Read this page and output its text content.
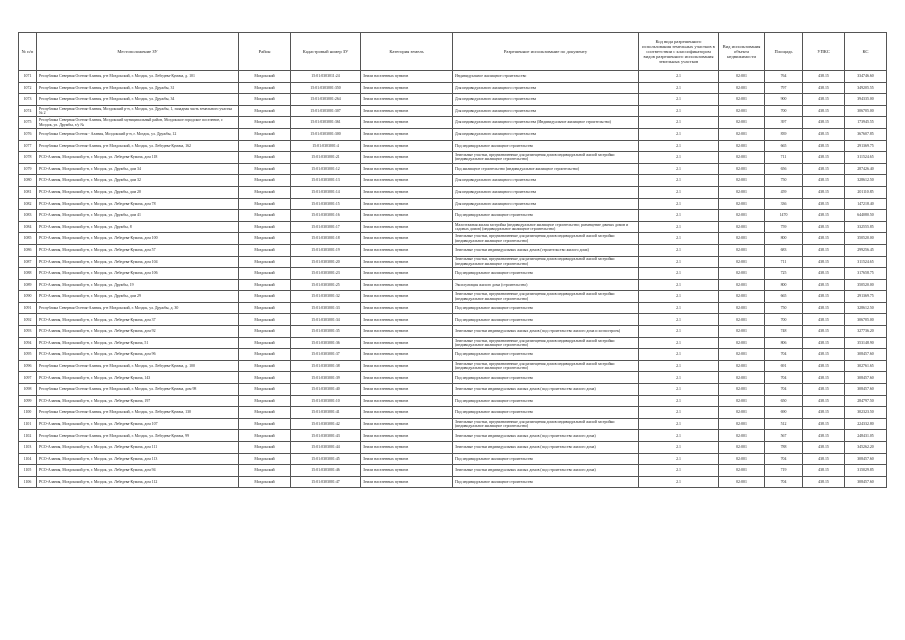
№ п/п	Местоположение ЗУ	Район	Кадастровый номер ЗУ	Категория земель	Разрешенное использование по документу	Код вида разрешенного использования земельных участков в соответствии с классификатором видов разрешенного использования земельных участков	Вид использования объекта недвижимости	Площадь	УПКС	КС
1071	Республика Северная Осетия-Алания, р-н Моздокский, г. Моздок, ул. Лебедева-Кумача, д. 101	Моздокский	15:01:0303011:24	Земли населенных пунктов	Индивидуальное жилищное строительство	2.1	02:001	764	438.15	334746.60
1072	Республика Северная Осетия-Алания, р-н Моздокский, г. Моздок, ул. Дружбы, 31	Моздокский	15:01:0303001:350	Земли населенных пунктов	Для индивидуального жилищного строительства	2.1	02:001	797	438.15	349205.55
1073	Республика Северная Осетия-Алания, р-н Моздокский, г. Моздок, ул. Дружбы, 34	Моздокский	15:01:0303001:264	Земли населенных пунктов	Для индивидуального жилищного строительства	2.1	02:001	900	438.15	394335.00
1074	Республика Северная Осетия-Алания, Моздокский р-н, г. Моздок, ул. Дружбы, 1, западная часть земельного участка № 2	Моздокский	15:01:0303001:307	Земли населенных пунктов	Для индивидуального жилищного строительства	2.1	02:001	700	438.15	306705.00
1075	Республика Северная Осетия-Алания, Моздокский муниципальный район, Моздокское городское поселение, г. Моздок, ул. Дружбы, з/у №	Моздокский	15:01:0303001:361	Земли населенных пунктов	Для индивидуального жилищного строительства (Индивидуальное жилищное строительство)	2.1	02:001	397	438.15	173945.55
1076	Республика Северная Осетия - Алания, Моздокский р-н, г. Моздок, ул. Дружбы, 12	Моздокский	15:01:0303001:300	Земли населенных пунктов	Для индивидуального жилищного строительства	2.1	02:001	839	438.15	367607.85
1077	Республика Северная Осетия-Алания, р-н Моздокский, г. Моздок, ул. Лебедева-Кумача, 162	Моздокский	15:01:0303001:4	Земли населенных пунктов	Под индивидуальное жилищное строительство	2.1	02:001	665	438.15	291369.75
1078	РСО-Алания, Моздокский р-н, г. Моздок, ул. Лебедева-Кумача, дом 118	Моздокский	15:01:0303001:21	Земли населенных пунктов	Земельные участки, предназначенные для размещения домов индивидуальной жилой застройки (индивидуальное жилищное строительство)	2.1	02:001	711	438.15	311524.65
1079	РСО-Алания, Моздокский р-н, г. Моздок, ул. Дружбы, дом 34	Моздокский	15:01:0303001:12	Земли населенных пунктов	Под жилищное строительство (индивидуальное жилищное строительство)	2.1	02:001	656	438.15	287426.40
1080	РСО-Алания, Моздокский р-н, г. Моздок, ул. Дружбы, дом 32	Моздокский	15:01:0303001:13	Земли населенных пунктов	Для индивидуального жилищного строительства	2.1	02:001	750	438.15	328612.50
1081	РСО-Алания, Моздокский р-н, г. Моздок, ул. Дружбы, дом 20	Моздокский	15:01:0303001:14	Земли населенных пунктов	Для индивидуального жилищного строительства	2.1	02:001	459	438.15	201110.85
1082	РСО-Алания, Моздокский р-н, г. Моздок, ул. Лебедева-Кумача, дом 78	Моздокский	15:01:0303001:15	Земли населенных пунктов	Для индивидуального жилищного строительства	2.1	02:001	336	438.15	147218.40
1083	РСО-Алания, Моздокский р-н, г. Моздок, ул. Дружбы, дом 41	Моздокский	15:01:0303001:16	Земли населенных пунктов	Под индивидуальное жилищное строительство	2.1	02:001	1470	438.15	644080.50
1084	РСО-Алания, Моздокский р-н, г. Моздок, ул. Дружбы, 8	Моздокский	15:01:0303001:17	Земли населенных пунктов	Малоэтажная жилая застройка (индивидуальное жилищное строительство; размещение дачных домов и садовых домов) (индивидуальное жилищное строительство)	2.1	02:001	759	438.15	332555.85
1085	РСО-Алания, Моздокский р-н, г. Моздок, ул. Лебедева-Кумача, дом 100	Моздокский	15:01:0303001:18	Земли населенных пунктов	Земельные участки, предназначенные для размещения домов индивидуальной жилой застройки (индивидуальное жилищное строительство)	2.1	02:001	800	438.15	350520.00
1086	РСО-Алания, Моздокский р-н, г. Моздок, ул. Лебедева-Кумача, дом 57	Моздокский	15:01:0303001:19	Земли населенных пунктов	Земельные участки индивидуальных жилых домов (строительство жилого дома)	2.1	02:001	683	438.15	299256.45
1087	РСО-Алания, Моздокский р-н, г. Моздок, ул. Лебедева-Кумача, дом 104	Моздокский	15:01:0303001:20	Земли населенных пунктов	Земельные участки, предназначенные для размещения домов индивидуальной жилой застройки (индивидуальное жилищное строительство)	2.1	02:001	711	438.15	311524.65
1088	РСО-Алания, Моздокский р-н, г. Моздок, ул. Лебедева-Кумача, дом 106	Моздокский	15:01:0303001:23	Земли населенных пунктов	Под индивидуальное жилищное строительство	2.1	02:001	725	438.15	317658.75
1089	РСО-Алания, Моздокский р-н, г. Моздок, ул. Дружбы, 19	Моздокский	15:01:0303001:25	Земли населенных пунктов	Эксплуатация жилого дома (строительство)	2.1	02:001	800	438.15	350520.00
1090	РСО-Алания, Моздокский р-н, г. Моздок, ул. Дружбы, дом 29	Моздокский	15:01:0303001:32	Земли населенных пунктов	Земельные участки, предназначенные для размещения домов индивидуальной жилой застройки (индивидуальное жилищное строительство)	2.1	02:001	665	438.15	291369.75
1091	Республика Северная Осетия-Алания, р-н Моздокский, г. Моздок, ул. Дружбы, д. 30	Моздокский	15:01:0303001:33	Земли населенных пунктов	Под индивидуальное жилищное строительство	2.1	02:001	750	438.15	328612.50
1092	РСО-Алания, Моздокский р-н, г. Моздок, ул. Лебедева-Кумача, дом 37	Моздокский	15:01:0303001:34	Земли населенных пунктов	Под индивидуальное жилищное строительство	2.1	02:001	700	438.15	306705.00
1093	РСО-Алания, Моздокский р-н, г. Моздок, ул. Лебедева-Кумача, дом 92	Моздокский	15:01:0303001:35	Земли населенных пунктов	Земельные участки индивидуальных жилых домов (под строительство жилого дома и хозпостроек)	2.1	02:001	748	438.15	327736.20
1094	РСО-Алания, Моздокский р-н, г. Моздок, ул. Лебедева-Кумача, 51	Моздокский	15:01:0303001:36	Земли населенных пунктов	Земельные участки, предназначенные для размещения домов индивидуальной жилой застройки (индивидуальное жилищное строительство)	2.1	02:001	806	438.15	353148.90
1095	РСО-Алания, Моздокский р-н, г. Моздок, ул. Лебедева-Кумача, дом 96	Моздокский	15:01:0303001:37	Земли населенных пунктов	Под индивидуальное жилищное строительство	2.1	02:001	704	438.15	308457.60
1096	Республика Северная Осетия-Алания, р-н Моздокский, г. Моздок, ул. Лебедева-Кумача, д. 100	Моздокский	15:01:0303001:38	Земли населенных пунктов	Земельные участки, предназначенные для размещения домов индивидуальной жилой застройки (индивидуальное жилищное строительство)	2.1	02:001	691	438.15	302761.65
1097	РСО-Алания, Моздокский р-н, г. Моздок, ул. Лебедева-Кумача, 143	Моздокский	15:01:0303001:39	Земли населенных пунктов	Под индивидуальное жилищное строительство	2.1	02:001	704	438.15	308457.60
1098	Республика Северная Осетия-Алания, р-н Моздокский, г. Моздок, ул. Лебедева-Кумача, дом 98	Моздокский	15:01:0303001:40	Земли населенных пунктов	Земельные участки индивидуальных жилых домов (под строительство жилого дома)	2.1	02:001	704	438.15	308457.60
1099	РСО-Алания, Моздокский р-н, г. Моздок, ул. Лебедева-Кумача, 197	Моздокский	15:01:0303001:10	Земли населенных пунктов	Под индивидуальное жилищное строительство	2.1	02:001	650	438.15	284797.50
1100	Республика Северная Осетия-Алания, р-н Моздокский, г. Моздок, ул. Лебедева-Кумача, 130	Моздокский	15:01:0303001:41	Земли населенных пунктов	Под индивидуальное жилищное строительство	2.1	02:001	690	438.15	302323.50
1101	РСО-Алания, Моздокский р-н, г. Моздок, ул. Лебедева-Кумача, дом 107	Моздокский	15:01:0303001:42	Земли населенных пунктов	Земельные участки, предназначенные для размещения домов индивидуальной жилой застройки (индивидуальное жилищное строительство)	2.1	02:001	512	438.15	224332.80
1102	Республика Северная Осетия-Алания, р-н Моздокский, г. Моздок, ул. Лебедева-Кумача, 99	Моздокский	15:01:0303001:43	Земли населенных пунктов	Земельные участки индивидуальных жилых домов (под строительство жилого дома)	2.1	02:001	567	438.15	248431.05
1103	РСО-Алания, Моздокский р-н, г. Моздок, ул. Лебедева-Кумача, дом 111	Моздокский	15:01:0303001:44	Земли населенных пунктов	Земельные участки индивидуальных жилых домов (под строительство жилого дома)	2.1	02:001	788	438.15	345262.20
1104	РСО-Алания, Моздокский р-н, г. Моздок, ул. Лебедева-Кумача, дом 113	Моздокский	15:01:0303001:45	Земли населенных пунктов	Под индивидуальное жилищное строительство	2.1	02:001	704	438.15	308457.60
1105	РСО-Алания, Моздокский р-н, г. Моздок, ул. Лебедева-Кумача, дом 94	Моздокский	15:01:0303001:46	Земли населенных пунктов	Земельные участки индивидуальных жилых домов (под строительство жилого дома)	2.1	02:001	719	438.15	315029.85
1106	РСО-Алания, Моздокский р-н, г. Моздок, ул. Лебедева-Кумача, дом 112	Моздокский	15:01:0303001:47	Земли населенных пунктов	Под индивидуальное жилищное строительство	2.1	02:001	704	438.15	308457.60
